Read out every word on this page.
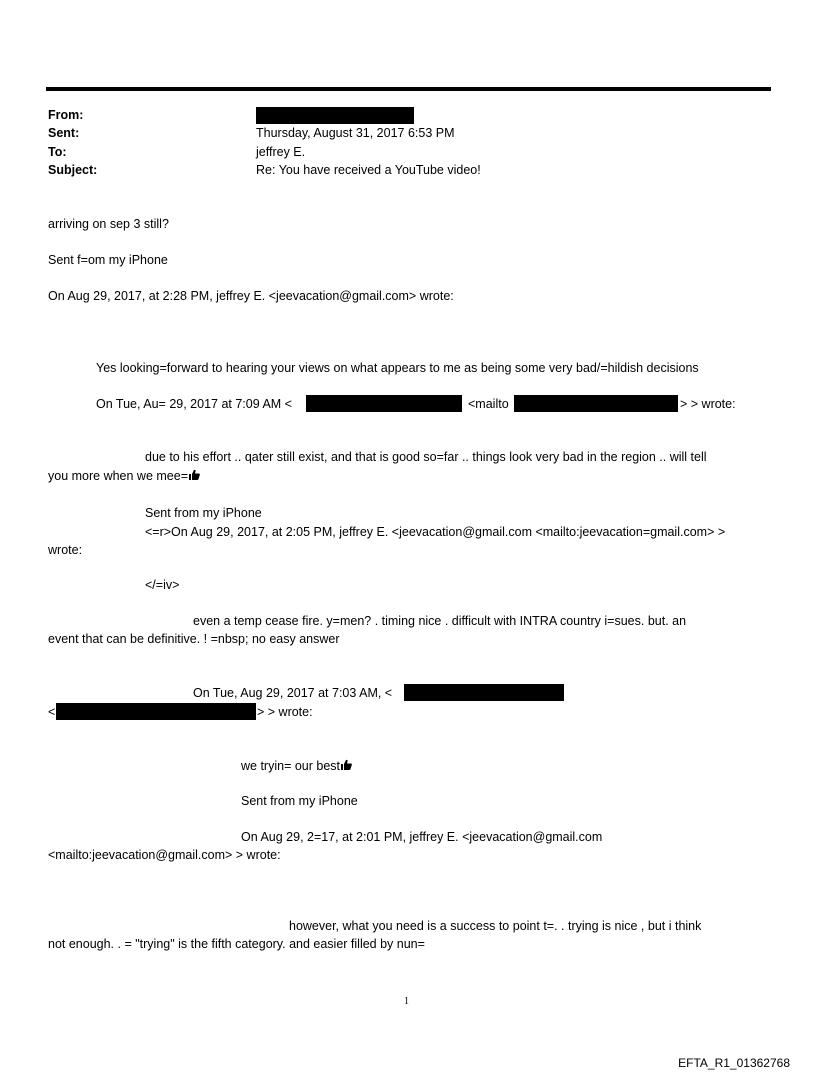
From:
Sent:	Thursday, August 31, 2017 6:53 PM
To:	jeffrey E.
Subject:	Re: You have received a YouTube video!
arriving on sep 3 still?
Sent f=om my iPhone
On Aug 29, 2017, at 2:28 PM, jeffrey E. <jeevacation@gmail.com> wrote:
Yes looking=forward to hearing your views on what appears to me as being some very bad/=hildish decisions
On Tue, Au= 29, 2017 at 7:09 AM <	<mailto	> > wrote:
due to his effort .. qater still exist, and that is good so=far .. things look very bad in the region .. will tell
you more when we mee=
Sent from my iPhone
<=r>On Aug 29, 2017, at 2:05 PM, jeffrey E. <jeevacation@gmail.com <mailto:jeevacation=gmail.com> >
wrote:
</=iv>
even a temp cease fire. y=men? . timing nice . difficult with INTRA country i=sues. but. an
event that can be definitive. ! =nbsp; no easy answer
On Tue, Aug 29, 2017 at 7:03 AM, <
<	> > wrote:
we tryin= our best
Sent from my iPhone
On Aug 29, 2=17, at 2:01 PM, jeffrey E. <jeevacation@gmail.com
<mailto:jeevacation@gmail.com> > wrote:
however, what you need is a success to point t=. . trying is nice , but i think
not enough. . = "trying" is the fifth category. and easier filled by nun=
1
EFTA_R1_01362768
